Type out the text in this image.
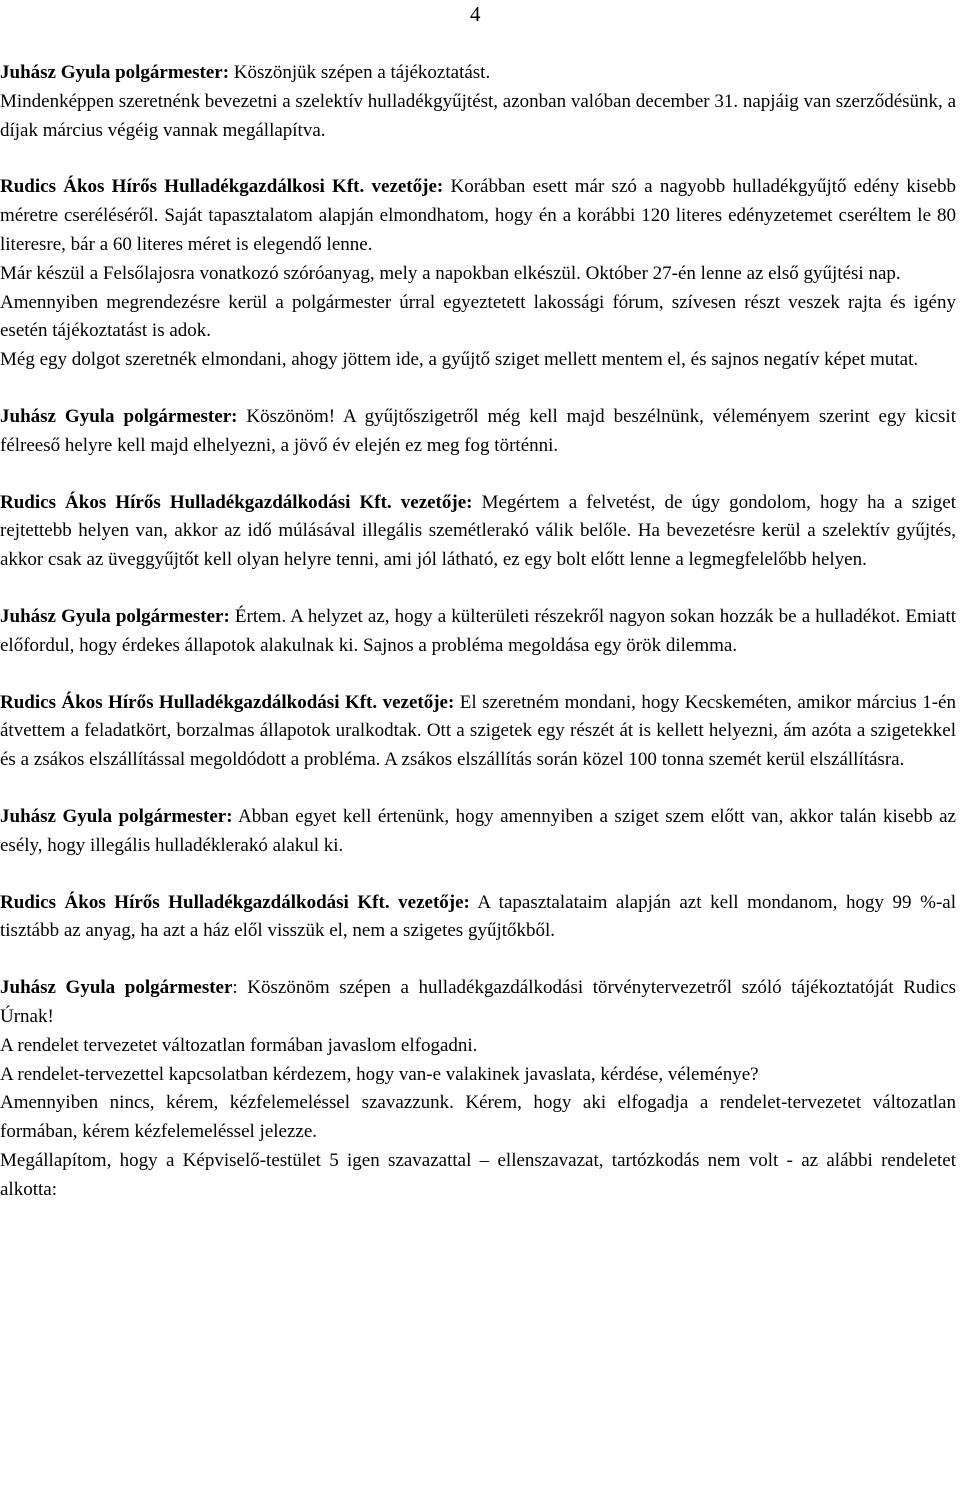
4

Juhász Gyula polgármester: Köszönjük szépen a tájékoztatást.

Mindenképpen szeretnénk bevezetni a szelektív hulladékgyűjtést, azonban valóban december 31. napjáig van szerződésünk, a díjak március végéig vannak megállapítva.

Rudics Ákos Hírős Hulladékgazdálkosi Kft. vezetője: Korábban esett már szó a nagyobb hulladékgyűjtő edény kisebb méretre cseréléséről. Saját tapasztalatom alapján elmondhatom, hogy én a korábbi 120 literes edényzetemet cseréltem le 80 literesre, bár a 60 literes méret is elegendő lenne.

Már készül a Felsőlajosra vonatkozó szóróanyag, mely a napokban elkészül. Október 27-én lenne az első gyűjtési nap.

Amennyiben megrendezésre kerül a polgármester úrral egyeztetett lakossági fórum, szívesen részt veszek rajta és igény esetén tájékoztatást is adok.

Még egy dolgot szeretnék elmondani, ahogy jöttem ide, a gyűjtő sziget mellett mentem el, és sajnos negatív képet mutat.

Juhász Gyula polgármester: Köszönöm! A gyűjtőszigetről még kell majd beszélnünk, véleményem szerint egy kicsit félreeső helyre kell majd elhelyezni, a jövő év elején ez meg fog történni.

Rudics Ákos Hírős Hulladékgazdálkodási Kft. vezetője: Megértem a felvetést, de úgy gondolom, hogy ha a sziget rejtettebb helyen van, akkor az idő múlásával illegális szemétlerakó válik belőle. Ha bevezetésre kerül a szelektív gyűjtés, akkor csak az üveggyűjtőt kell olyan helyre tenni, ami jól látható, ez egy bolt előtt lenne a legmegfelelőbb helyen.

Juhász Gyula polgármester: Értem. A helyzet az, hogy a külterületi részekről nagyon sokan hozzák be a hulladékot. Emiatt előfordul, hogy érdekes állapotok alakulnak ki. Sajnos a probléma megoldása egy örök dilemma.

Rudics Ákos Hírős Hulladékgazdálkodási Kft. vezetője: El szeretném mondani, hogy Kecskeméten, amikor március 1-én átvettem a feladatkört, borzalmas állapotok uralkodtak. Ott a szigetek egy részét át is kellett helyezni, ám azóta a szigetekkel és a zsákos elszállítással megoldódott a probléma. A zsákos elszállítás során közel 100 tonna szemét kerül elszállításra.

Juhász Gyula polgármester: Abban egyet kell értenünk, hogy amennyiben a sziget szem előtt van, akkor talán kisebb az esély, hogy illegális hulladéklerakó alakul ki.

Rudics Ákos Hírős Hulladékgazdálkodási Kft. vezetője: A tapasztalataim alapján azt kell mondanom, hogy 99 %-al tisztább az anyag, ha azt a ház elől visszük el, nem a szigetes gyűjtőkből.

Juhász Gyula polgármester: Köszönöm szépen a hulladékgazdálkodási törvénytervezetről szóló tájékoztatóját Rudics Úrnak!

A rendelet tervezetet változatlan formában javaslom elfogadni.

A rendelet-tervezettel kapcsolatban kérdezem, hogy van-e valakinek javaslata, kérdése, véleménye?

Amennyiben nincs, kérem, kézfelemeléssel szavazzunk. Kérem, hogy aki elfogadja a rendelet-tervezetet változatlan formában, kérem kézfelemeléssel jelezze.

Megállapítom, hogy a Képviselő-testület 5 igen szavazattal – ellenszavazat, tartózkodás nem volt - az alábbi rendeletet alkotta:
